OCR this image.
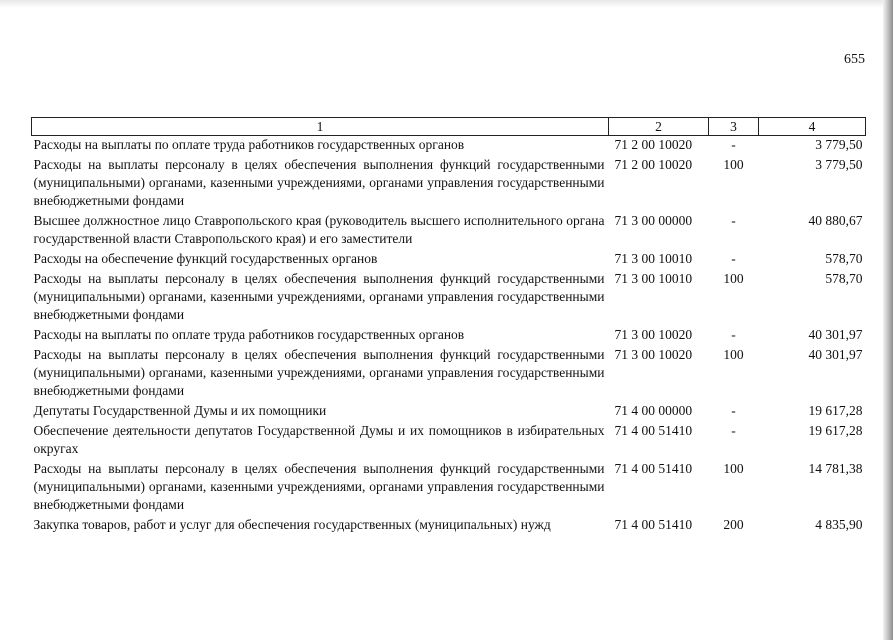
655
1	2	3	4
Расходы на выплаты по оплате труда работников государственных органов	71 2 00 10020	-	3 779,50
Расходы на выплаты персоналу в целях обеспечения выполнения функций государственными (муниципальными) органами, казенными учреждениями, органами управления государственными внебюджетными фондами	71 2 00 10020	100	3 779,50
Высшее должностное лицо Ставропольского края (руководитель высшего исполнительного органа государственной власти Ставропольского края) и его заместители	71 3 00 00000	-	40 880,67
Расходы на обеспечение функций государственных органов	71 3 00 10010	-	578,70
Расходы на выплаты персоналу в целях обеспечения выполнения функций государственными (муниципальными) органами, казенными учреждениями, органами управления государственными внебюджетными фондами	71 3 00 10010	100	578,70
Расходы на выплаты по оплате труда работников государственных органов	71 3 00 10020	-	40 301,97
Расходы на выплаты персоналу в целях обеспечения выполнения функций государственными (муниципальными) органами, казенными учреждениями, органами управления государственными внебюджетными фондами	71 3 00 10020	100	40 301,97
Депутаты Государственной Думы и их помощники	71 4 00 00000	-	19 617,28
Обеспечение деятельности депутатов Государственной Думы и их помощников в избирательных округах	71 4 00 51410	-	19 617,28
Расходы на выплаты персоналу в целях обеспечения выполнения функций государственными (муниципальными) органами, казенными учреждениями, органами управления государственными внебюджетными фондами	71 4 00 51410	100	14 781,38
Закупка товаров, работ и услуг для обеспечения государственных (муниципальных) нужд	71 4 00 51410	200	4 835,90
